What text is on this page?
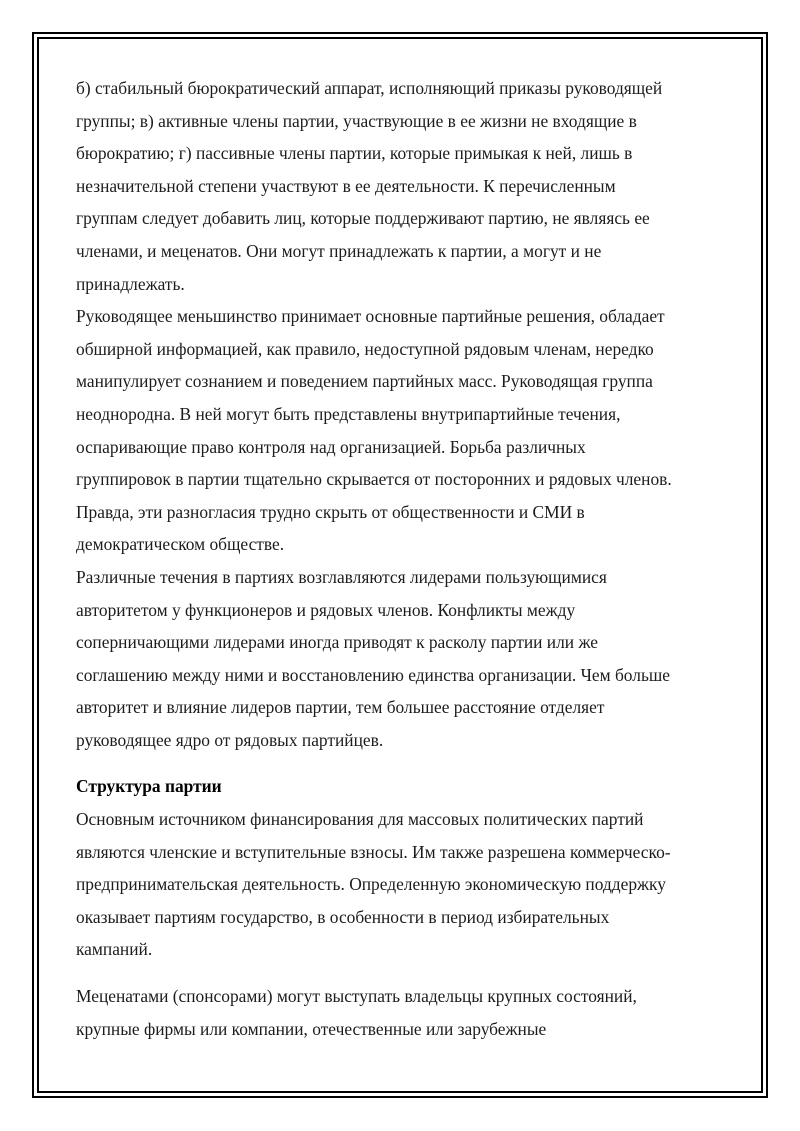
б) стабильный бюрократический аппарат, исполняющий приказы руководящей
группы; в) активные члены партии, участвующие в ее жизни не входящие в
бюрократию; г) пассивные члены партии, которые примыкая к ней, лишь в
незначительной степени участвуют в ее деятельности. К перечисленным
группам следует добавить лиц, которые поддерживают партию, не являясь ее
членами, и меценатов. Они могут принадлежать к партии, а могут и не
принадлежать.

Руководящее меньшинство принимает основные партийные решения, обладает
обширной информацией, как правило, недоступной рядовым членам, нередко
манипулирует сознанием и поведением партийных масс. Руководящая группа
неоднородна. В ней могут быть представлены внутрипартийные течения,
оспаривающие право контроля над организацией. Борьба различных
группировок в партии тщательно скрывается от посторонних и рядовых членов.
Правда, эти разногласия трудно скрыть от общественности и СМИ в
демократическом обществе.

Различные течения в партиях возглавляются лидерами пользующимися
авторитетом у функционеров и рядовых членов. Конфликты между
соперничающими лидерами иногда приводят к расколу партии или же
соглашению между ними и восстановлению единства организации. Чем больше
авторитет и влияние лидеров партии, тем большее расстояние отделяет
руководящее ядро от рядовых партийцев.

Структура партии

Основным источником финансирования для массовых политических партий
являются членские и вступительные взносы. Им также разрешена коммерческо-
предпринимательская деятельность. Определенную экономическую поддержку
оказывает партиям государство, в особенности в период избирательных
кампаний.

Меценатами (спонсорами) могут выступать владельцы крупных состояний,
крупные фирмы или компании, отечественные или зарубежные
